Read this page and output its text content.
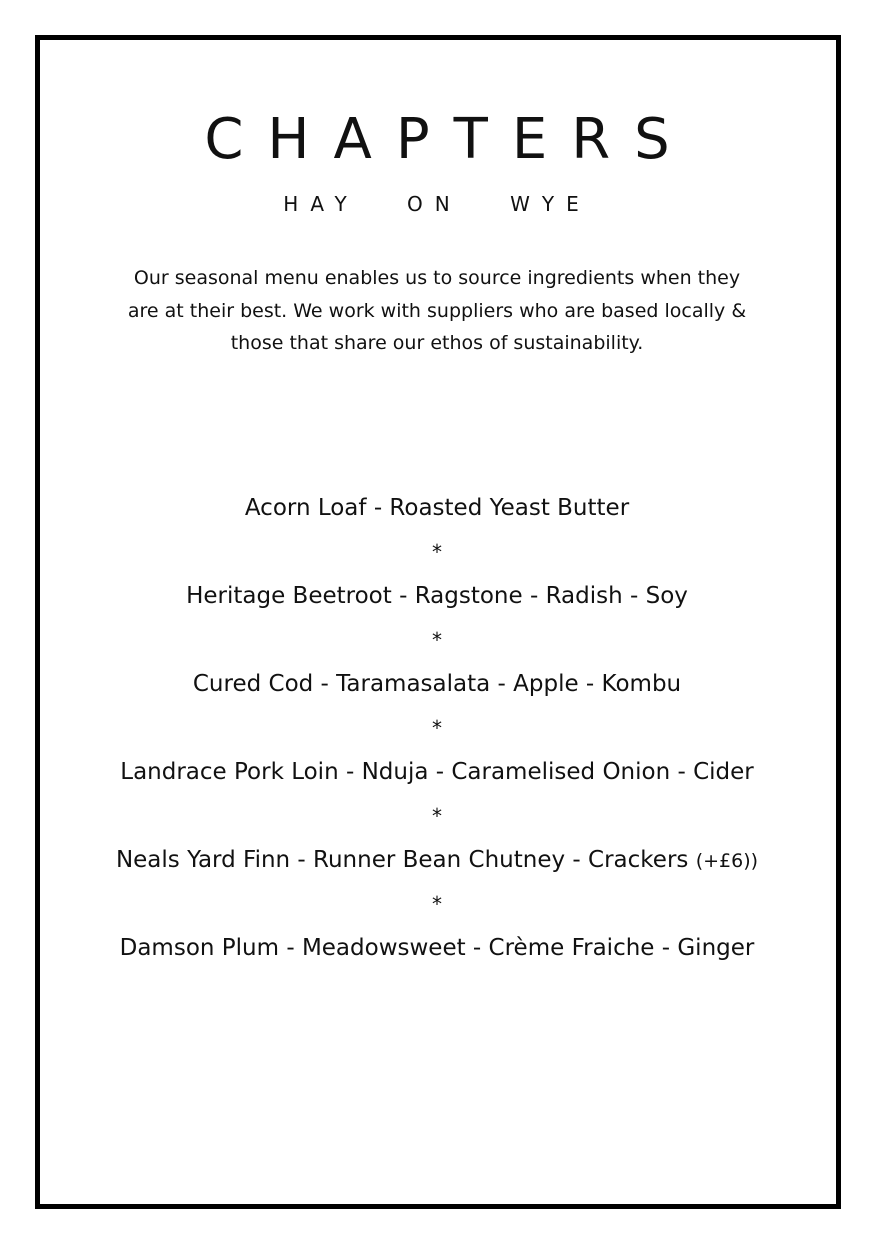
CHAPTERS

HAY ON WYE

Our seasonal menu enables us to source ingredients when they are at their best. We work with suppliers who are based locally & those that share our ethos of sustainability.

Acorn Loaf - Roasted Yeast Butter
*
Heritage Beetroot - Ragstone - Radish - Soy
*
Cured Cod - Taramasalata - Apple - Kombu
*
Landrace Pork Loin - Nduja - Caramelised Onion - Cider
*
Neals Yard Finn - Runner Bean Chutney - Crackers (+£6))
*
Damson Plum - Meadowsweet - Crème Fraiche - Ginger
